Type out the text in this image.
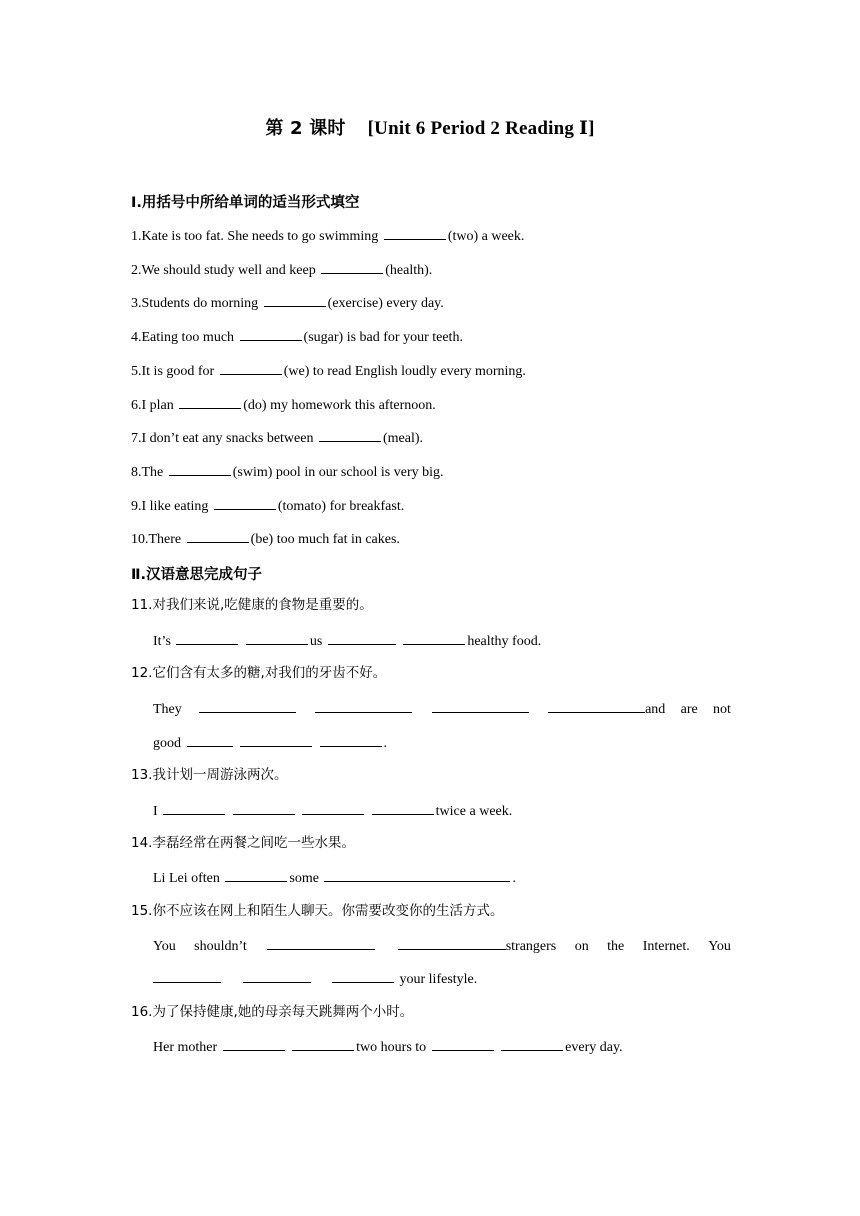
第 2 课时 [Unit 6 Period 2 Reading Ⅰ]
Ⅰ.用括号中所给单词的适当形式填空
1.Kate is too fat. She needs to go swimming	(two) a week.
2.We should study well and keep	(health).
3.Students do morning	(exercise) every day.
4.Eating too much	(sugar) is bad for your teeth.
5.It is good for	(we) to read English loudly every morning.
6.I plan	(do) my homework this afternoon.
7.I don’t eat any snacks between	(meal).
8.The	(swim) pool in our school is very big.
9.I like eating	(tomato) for breakfast.
10.There	(be) too much fat in cakes.
Ⅱ.汉语意思完成句子
11.对我们来说,吃健康的食物是重要的。
It’s	us	healthy food.
12.它们含有太多的糖,对我们的牙齿不好。
They	and are not
good	.
13.我计划一周游泳两次。
I	twice a week.
14.李磊经常在两餐之间吃一些水果。
Li Lei often	some	.
15.你不应该在网上和陌生人聊天。你需要改变你的生活方式。
You shouldn’t	strangers on the Internet. You
your lifestyle.
16.为了保持健康,她的母亲每天跳舞两个小时。
Her mother	two hours to	every day.
